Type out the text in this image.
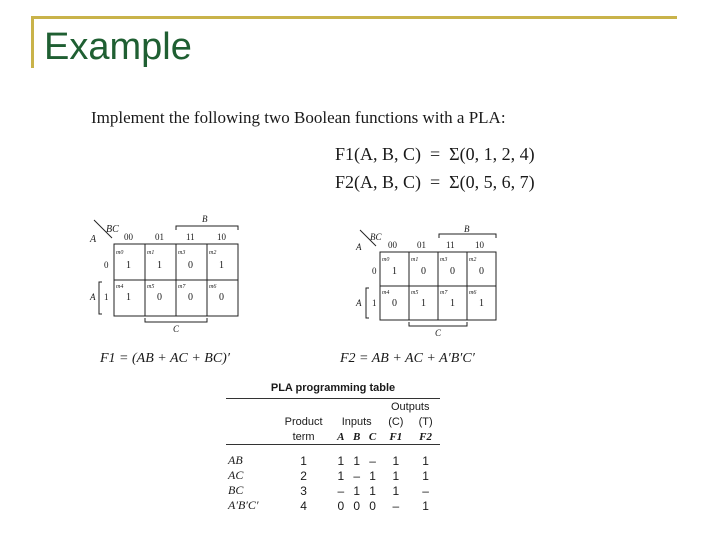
Example
Implement the following two Boolean functions with a PLA:
F1(A, B, C)  =  Σ(0, 1, 2, 4)
F2(A, B, C)  =  Σ(0, 5, 6, 7)
BC
A
B
00 01 11 10
0
1
A
m0	m1	m3	m2
m4	m5	m7	m6
1	1	0	1
1	0	0	0
C
BC
A
B
00 01 11 10
0
1
A
m0	m1	m3	m2
m4	m5	m7	m6
1 0 0 0
0 1 1 1
C
F1 = (AB + AC + BC)′	F2 = AB + AC + A′B′C′
PLA programming table
					Outputs	
	Product	Inputs			(C)	(T)
	term	A	B	C	F1	F2

AB	1	1	1	–	1	1
AC	2	1	–	1	1	1
BC	3	–	1	1	1	–
A′B′C′	4	0	0	0	–	1
